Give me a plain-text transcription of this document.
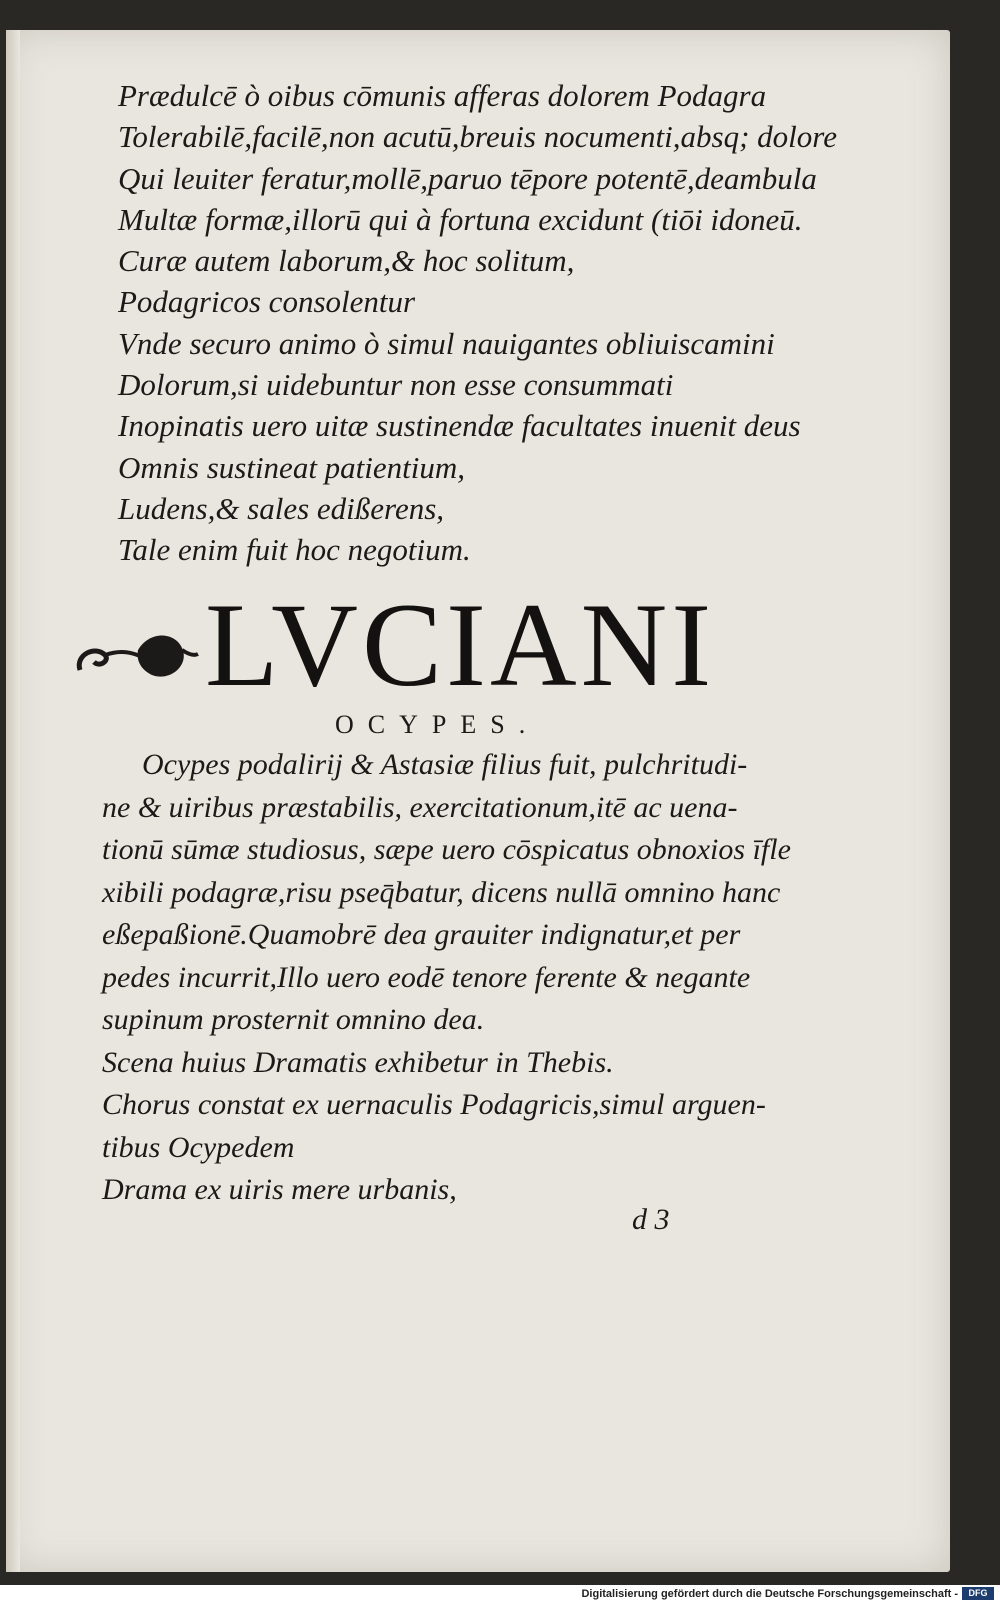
Prædulcē ò oibus cōmunis afferas dolorem Podagra
Tolerabilē,facilē,non acutū,breuis nocumenti,absq; dolore
Qui leuiter feratur,mollē,paruo tēpore potentē,deambula
Multæ formæ,illorū qui à fortuna excidunt (tiōi idoneū.
Curæ autem laborum,& hoc solitum,
Podagricos consolentur
Vnde securo animo ò simul nauigantes obliuiscamini
Dolorum,si uidebuntur non esse consummati
Inopinatis uero uitæ sustinendæ facultates inuenit deus
Omnis sustineat patientium,
Ludens,& sales edißerens,
Tale enim fuit hoc negotium.
LVCIANI
OCYPES.
Ocypes podalirij & Astasiæ filius fuit, pulchritudi-
ne & uiribus præstabilis, exercitationum,itē ac uena-
tionū sūmæ studiosus, sæpe uero cōspicatus obnoxios īfle
xibili podagræ,risu pseq̄batur, dicens nullā omnino hanc
eßepaßionē.Quamobrē dea grauiter indignatur,et per
pedes incurrit,Illo uero eodē tenore ferente & negante
supinum prosternit omnino dea.
Scena huius Dramatis exhibetur in Thebis.
Chorus constat ex uernaculis Podagricis,simul arguen-
tibus Ocypedem
Drama ex uiris mere urbanis,
d 3
Digitalisierung gefördert durch die Deutsche Forschungsgemeinschaft -	DFG
